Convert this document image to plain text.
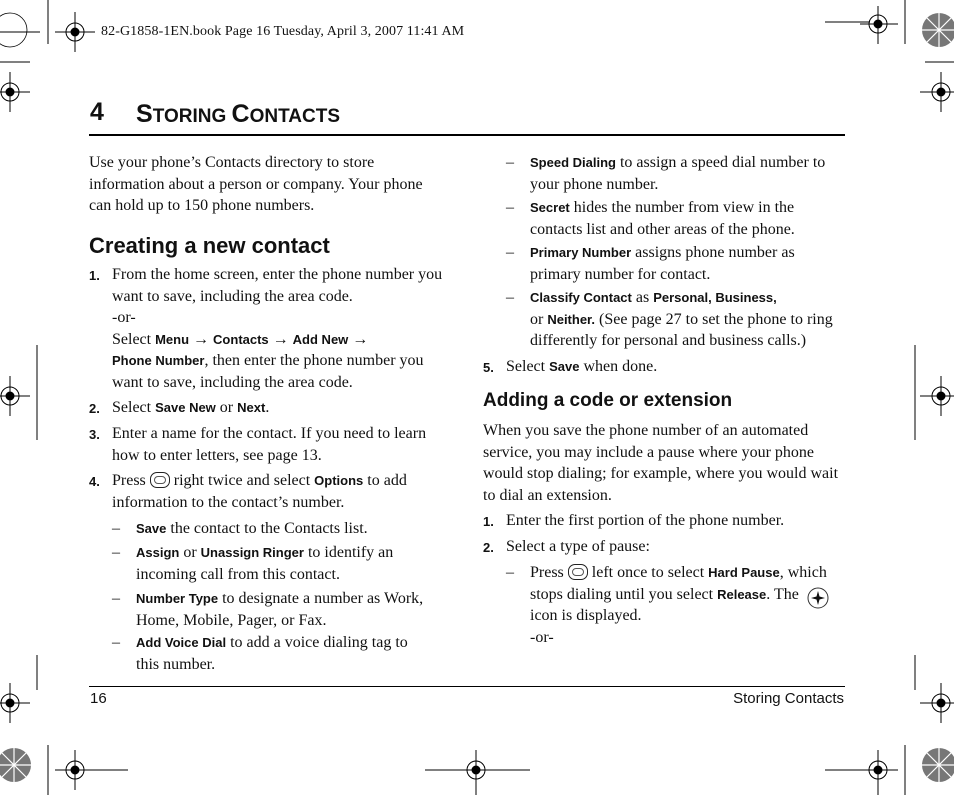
82-G1858-1EN.book Page 16 Tuesday, April 3, 2007 11:41 AM
4 STORING CONTACTS
Use your phone’s Contacts directory to store
information about a person or company. Your phone
can hold up to 150 phone numbers.
Creating a new contact
1. From the home screen, enter the phone number you
want to save, including the area code.
-or-
Select Menu → Contacts → Add New →
Phone Number, then enter the phone number you
want to save, including the area code.
2. Select Save New or Next.
3. Enter a name for the contact. If you need to learn
how to enter letters, see page 13.
4. Press  right twice and select Options to add
information to the contact’s number.
– Save the contact to the Contacts list.
– Assign or Unassign Ringer to identify an
incoming call from this contact.
– Number Type to designate a number as Work,
Home, Mobile, Pager, or Fax.
– Add Voice Dial to add a voice dialing tag to
this number.
– Speed Dialing to assign a speed dial number to
your phone number.
– Secret hides the number from view in the
contacts list and other areas of the phone.
– Primary Number assigns phone number as
primary number for contact.
– Classify Contact as Personal, Business,
or Neither. (See page 27 to set the phone to ring
differently for personal and business calls.)
5. Select Save when done.
Adding a code or extension
When you save the phone number of an automated
service, you may include a pause where your phone
would stop dialing; for example, where you would wait
to dial an extension.
1. Enter the first portion of the phone number.
2. Select a type of pause:
– Press  left once to select Hard Pause, which
stops dialing until you select Release. The
icon is displayed.
-or-
16	Storing Contacts
